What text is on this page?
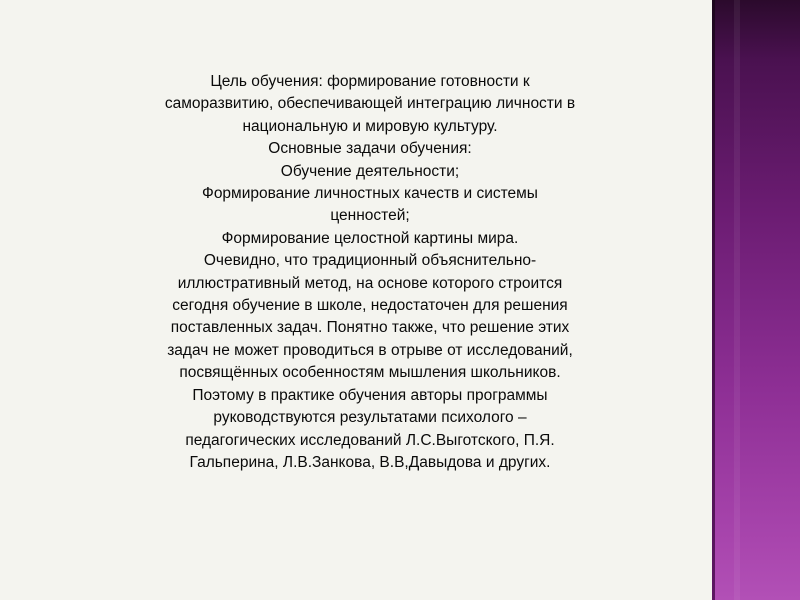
Цель обучения: формирование готовности к
саморазвитию, обеспечивающей интеграцию личности в
национальную и мировую культуру.
Основные задачи обучения:
Обучение деятельности;
Формирование личностных качеств и системы
ценностей;
Формирование целостной картины мира.
Очевидно, что традиционный объяснительно-
иллюстративный метод, на основе которого строится
сегодня обучение в школе, недостаточен для решения
поставленных задач. Понятно также, что решение этих
задач не может проводиться в отрыве от исследований,
посвящённых особенностям мышления школьников.
Поэтому в практике обучения авторы программы
руководствуются результатами психолого –
педагогических исследований Л.С.Выготского, П.Я.
Гальперина, Л.В.Занкова, В.В,Давыдова и других.
